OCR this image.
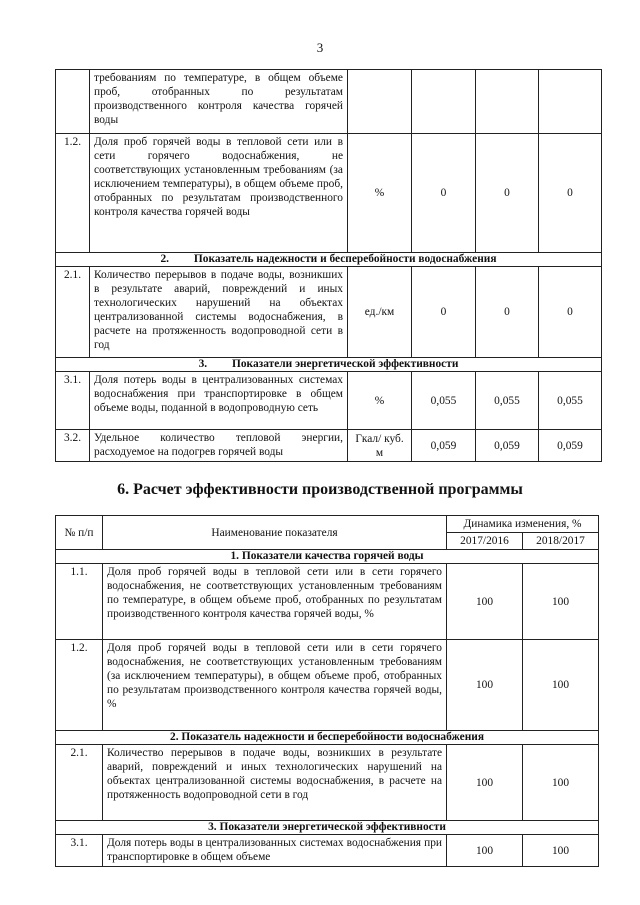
3
	требованиям по температуре, в общем объеме проб, отобранных по результатам производственного контроля качества горячей воды				
1.2.	Доля проб горячей воды в тепловой сети или в сети горячего водоснабжения, не соответствующих установленным требованиям (за исключением температуры), в общем объеме проб, отобранных по результатам производственного контроля качества горячей воды	%	0	0	0
2. Показатель надежности и бесперебойности водоснабжения					
2.1.	Количество перерывов в подаче воды, возникших в результате аварий, повреждений и иных технологических нарушений на объектах централизованной системы водоснабжения, в расчете на протяженность водопроводной сети в год	ед./км	0	0	0
3. Показатели энергетической эффективности					
3.1.	Доля потерь воды в централизованных системах водоснабжения при транспортировке в общем объеме воды, поданной в водопроводную сеть	%	0,055	0,055	0,055
3.2.	Удельное количество тепловой энергии, расходуемое на подогрев горячей воды	Гкал/ куб. м	0,059	0,059	0,059
6. Расчет эффективности производственной программы
№ п/п	Наименование показателя	Динамика изменения, %	
		2017/2016	2018/2017
1. Показатели качества горячей воды			
1.1.	Доля проб горячей воды в тепловой сети или в сети горячего водоснабжения, не соответствующих установленным требованиям по температуре, в общем объеме проб, отобранных по результатам производственного контроля качества горячей воды, %	100	100
1.2.	Доля проб горячей воды в тепловой сети или в сети горячего водоснабжения, не соответствующих установленным требованиям (за исключением температуры), в общем объеме проб, отобранных по результатам производственного контроля качества горячей воды, %	100	100
2. Показатель надежности и бесперебойности водоснабжения			
2.1.	Количество перерывов в подаче воды, возникших в результате аварий, повреждений и иных технологических нарушений на объектах централизованной системы водоснабжения, в расчете на протяженность водопроводной сети в год	100	100
3. Показатели энергетической эффективности			
3.1.	Доля потерь воды в централизованных системах водоснабжения при транспортировке в общем объеме	100	100
